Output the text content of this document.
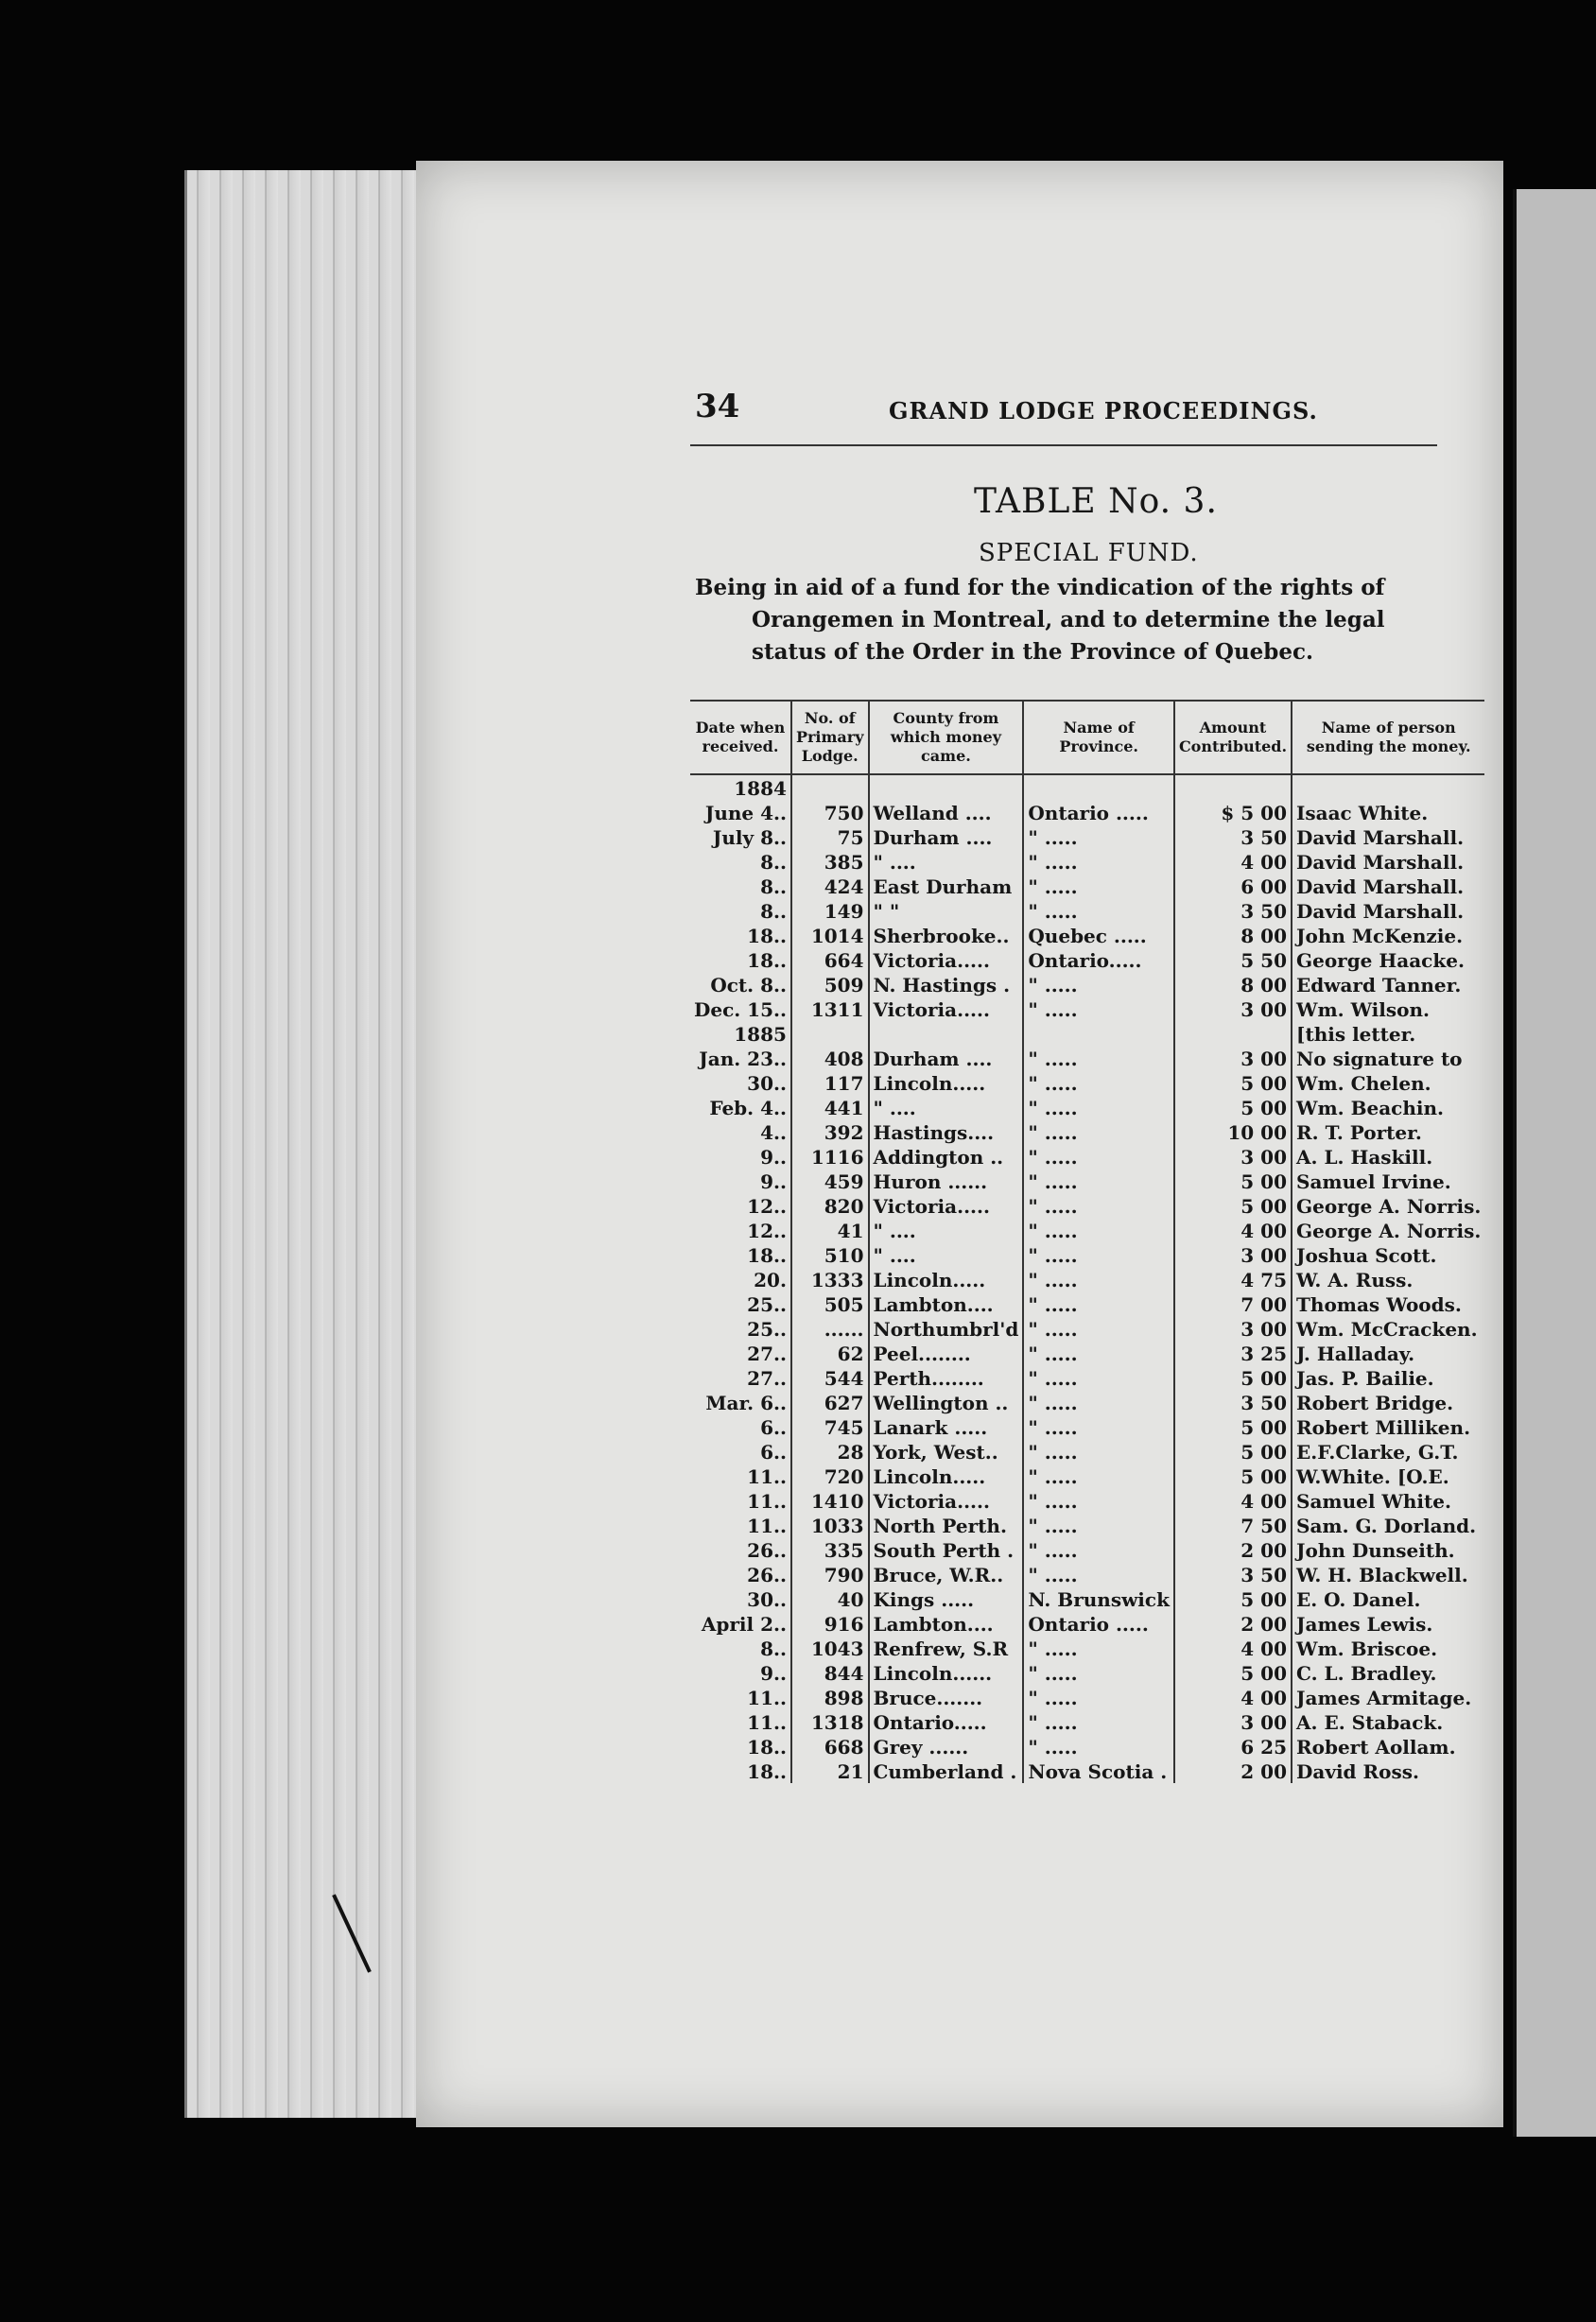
34	GRAND LODGE PROCEEDINGS.
TABLE No. 3.
SPECIAL FUND.
Being in aid of a fund for the vindication of the rights of Orangemen in Montreal, and to determine the legal status of the Order in the Province of Quebec.
Date when received.	No. of Primary Lodge.	County from which money came.	Name of Province.	Amount Contributed.	Name of person sending the money.
1884					
June 4..	750	Welland ....	Ontario .....	$ 5 00	Isaac White.
July 8..	75	Durham ....	" .....	3 50	David Marshall.
8..	385	" ....	" .....	4 00	David Marshall.
8..	424	East Durham	" .....	6 00	David Marshall.
8..	149	" "	" .....	3 50	David Marshall.
18..	1014	Sherbrooke..	Quebec .....	8 00	John McKenzie.
18..	664	Victoria.....	Ontario.....	5 50	George Haacke.
Oct. 8..	509	N. Hastings .	" .....	8 00	Edward Tanner.
Dec. 15..	1311	Victoria.....	" .....	3 00	Wm. Wilson.
1885					[this letter.
Jan. 23..	408	Durham ....	" .....	3 00	No signature to
30..	117	Lincoln.....	" .....	5 00	Wm. Chelen.
Feb. 4..	441	" ....	" .....	5 00	Wm. Beachin.
4..	392	Hastings....	" .....	10 00	R. T. Porter.
9..	1116	Addington ..	" .....	3 00	A. L. Haskill.
9..	459	Huron ......	" .....	5 00	Samuel Irvine.
12..	820	Victoria.....	" .....	5 00	George A. Norris.
12..	41	" ....	" .....	4 00	George A. Norris.
18..	510	" ....	" .....	3 00	Joshua Scott.
20.	1333	Lincoln.....	" .....	4 75	W. A. Russ.
25..	505	Lambton....	" .....	7 00	Thomas Woods.
25..	......	Northumbrl'd	" .....	3 00	Wm. McCracken.
27..	62	Peel........	" .....	3 25	J. Halladay.
27..	544	Perth........	" .....	5 00	Jas. P. Bailie.
Mar. 6..	627	Wellington ..	" .....	3 50	Robert Bridge.
6..	745	Lanark .....	" .....	5 00	Robert Milliken.
6..	28	York, West..	" .....	5 00	E.F.Clarke, G.T.
11..	720	Lincoln.....	" .....	5 00	W.White. [O.E.
11..	1410	Victoria.....	" .....	4 00	Samuel White.
11..	1033	North Perth.	" .....	7 50	Sam. G. Dorland.
26..	335	South Perth .	" .....	2 00	John Dunseith.
26..	790	Bruce, W.R..	" .....	3 50	W. H. Blackwell.
30..	40	Kings .....	N. Brunswick	5 00	E. O. Danel.
April 2..	916	Lambton....	Ontario .....	2 00	James Lewis.
8..	1043	Renfrew, S.R	" .....	4 00	Wm. Briscoe.
9..	844	Lincoln......	" .....	5 00	C. L. Bradley.
11..	898	Bruce.......	" .....	4 00	James Armitage.
11..	1318	Ontario.....	" .....	3 00	A. E. Staback.
18..	668	Grey ......	" .....	6 25	Robert Aollam.
18..	21	Cumberland .	Nova Scotia .	2 00	David Ross.
